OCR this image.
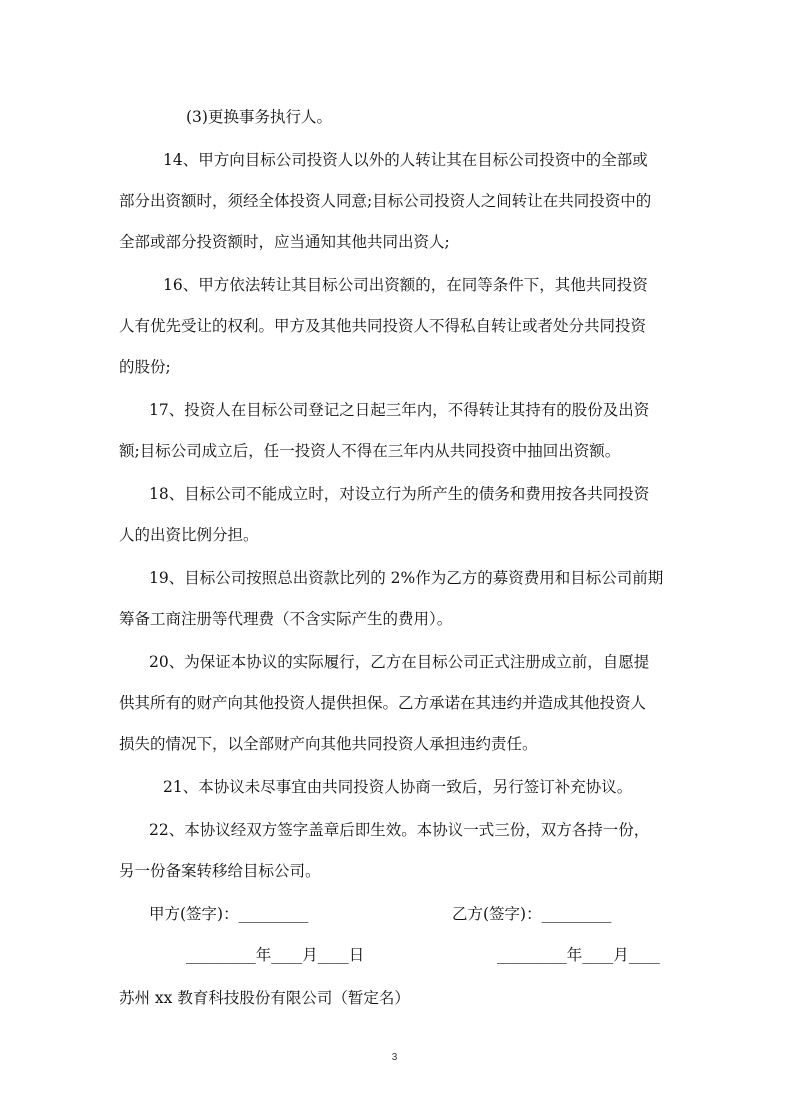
(3)更换事务执行人。
14、甲方向目标公司投资人以外的人转让其在目标公司投资中的全部或
部分出资额时，须经全体投资人同意;目标公司投资人之间转让在共同投资中的
全部或部分投资额时，应当通知其他共同出资人;
16、甲方依法转让其目标公司出资额的，在同等条件下，其他共同投资
人有优先受让的权利。甲方及其他共同投资人不得私自转让或者处分共同投资
的股份;
17、投资人在目标公司登记之日起三年内，不得转让其持有的股份及出资
额;目标公司成立后，任一投资人不得在三年内从共同投资中抽回出资额。
18、目标公司不能成立时，对设立行为所产生的债务和费用按各共同投资
人的出资比例分担。
19、目标公司按照总出资款比列的 2%作为乙方的募资费用和目标公司前期
筹备工商注册等代理费（不含实际产生的费用）。
20、为保证本协议的实际履行，乙方在目标公司正式注册成立前，自愿提
供其所有的财产向其他投资人提供担保。乙方承诺在其违约并造成其他投资人
损失的情况下，以全部财产向其他共同投资人承担违约责任。
21、本协议未尽事宜由共同投资人协商一致后，另行签订补充协议。
22、本协议经双方签字盖章后即生效。本协议一式三份，双方各持一份，
另一份备案转移给目标公司。
甲方(签字)：_________	乙方(签字)：_________
_________年____月____日	_________年____月____
苏州 xx 教育科技股份有限公司（暂定名）
3
